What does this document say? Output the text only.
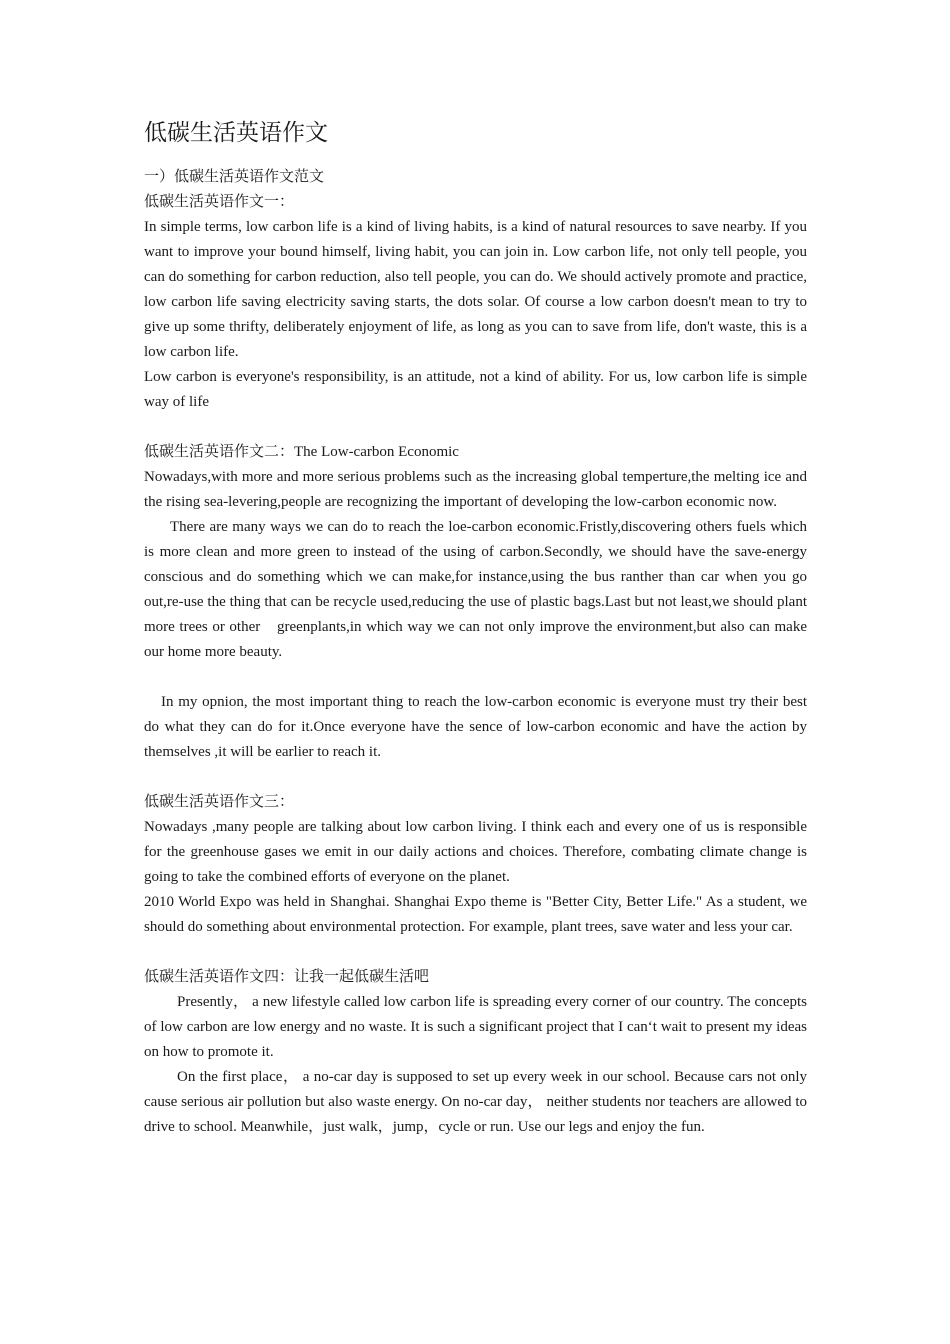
低碳生活英语作文

一）低碳生活英语作文范文

低碳生活英语作文一：

In simple terms, low carbon life is a kind of living habits, is a kind of natural resources to save nearby. If you want to improve your bound himself, living habit, you can join in. Low carbon life, not only tell people, you can do something for carbon reduction, also tell people, you can do. We should actively promote and practice, low carbon life saving electricity saving starts, the dots solar. Of course a low carbon doesn't mean to try to give up some thrifty, deliberately enjoyment of life, as long as you can to save from life, don't waste, this is a low carbon life.

Low carbon is everyone's responsibility, is an attitude, not a kind of ability. For us, low carbon life is simple way of life

低碳生活英语作文二：The Low-carbon Economic

Nowadays,with more and more serious problems such as the increasing global temperture,the melting ice and the rising sea-levering,people are recognizing the important of developing the low-carbon economic now.

There are many ways we can do to reach the loe-carbon economic.Fristly,discovering others fuels which is more clean and more green to instead of the using of carbon.Secondly, we should have the save-energy conscious and do something which we can make,for instance,using the bus ranther than car when you go out,re-use the thing that can be recycle used,reducing the use of plastic bags.Last but not least,we should plant more trees or other　greenplants,in which way we can not only improve the environment,but also can make our home more beauty.

In my opnion, the most important thing to reach the low-carbon economic is everyone must try their best do what they can do for it.Once everyone have the sence of low-carbon economic and have the action by themselves ,it will be earlier to reach it.

低碳生活英语作文三：

Nowadays ,many people are talking about low carbon living. I think each and every one of us is responsible for the greenhouse gases we emit in our daily actions and choices. Therefore, combating climate change is going to take the combined efforts of everyone on the planet.

2010 World Expo was held in Shanghai. Shanghai Expo theme is "Better City, Better Life." As a student, we should do something about environmental protection. For example, plant trees, save water and less your car.

低碳生活英语作文四：让我一起低碳生活吧

Presently， a new lifestyle called low carbon life is spreading every corner of our country. The concepts of low carbon are low energy and no waste. It is such a significant project that I can‘t wait to present my ideas on how to promote it.

On the first place， a no-car day is supposed to set up every week in our school. Because cars not only cause serious air pollution but also waste energy. On no-car day， neither students nor teachers are allowed to drive to school. Meanwhile，just walk，jump，cycle or run. Use our legs and enjoy the fun.
